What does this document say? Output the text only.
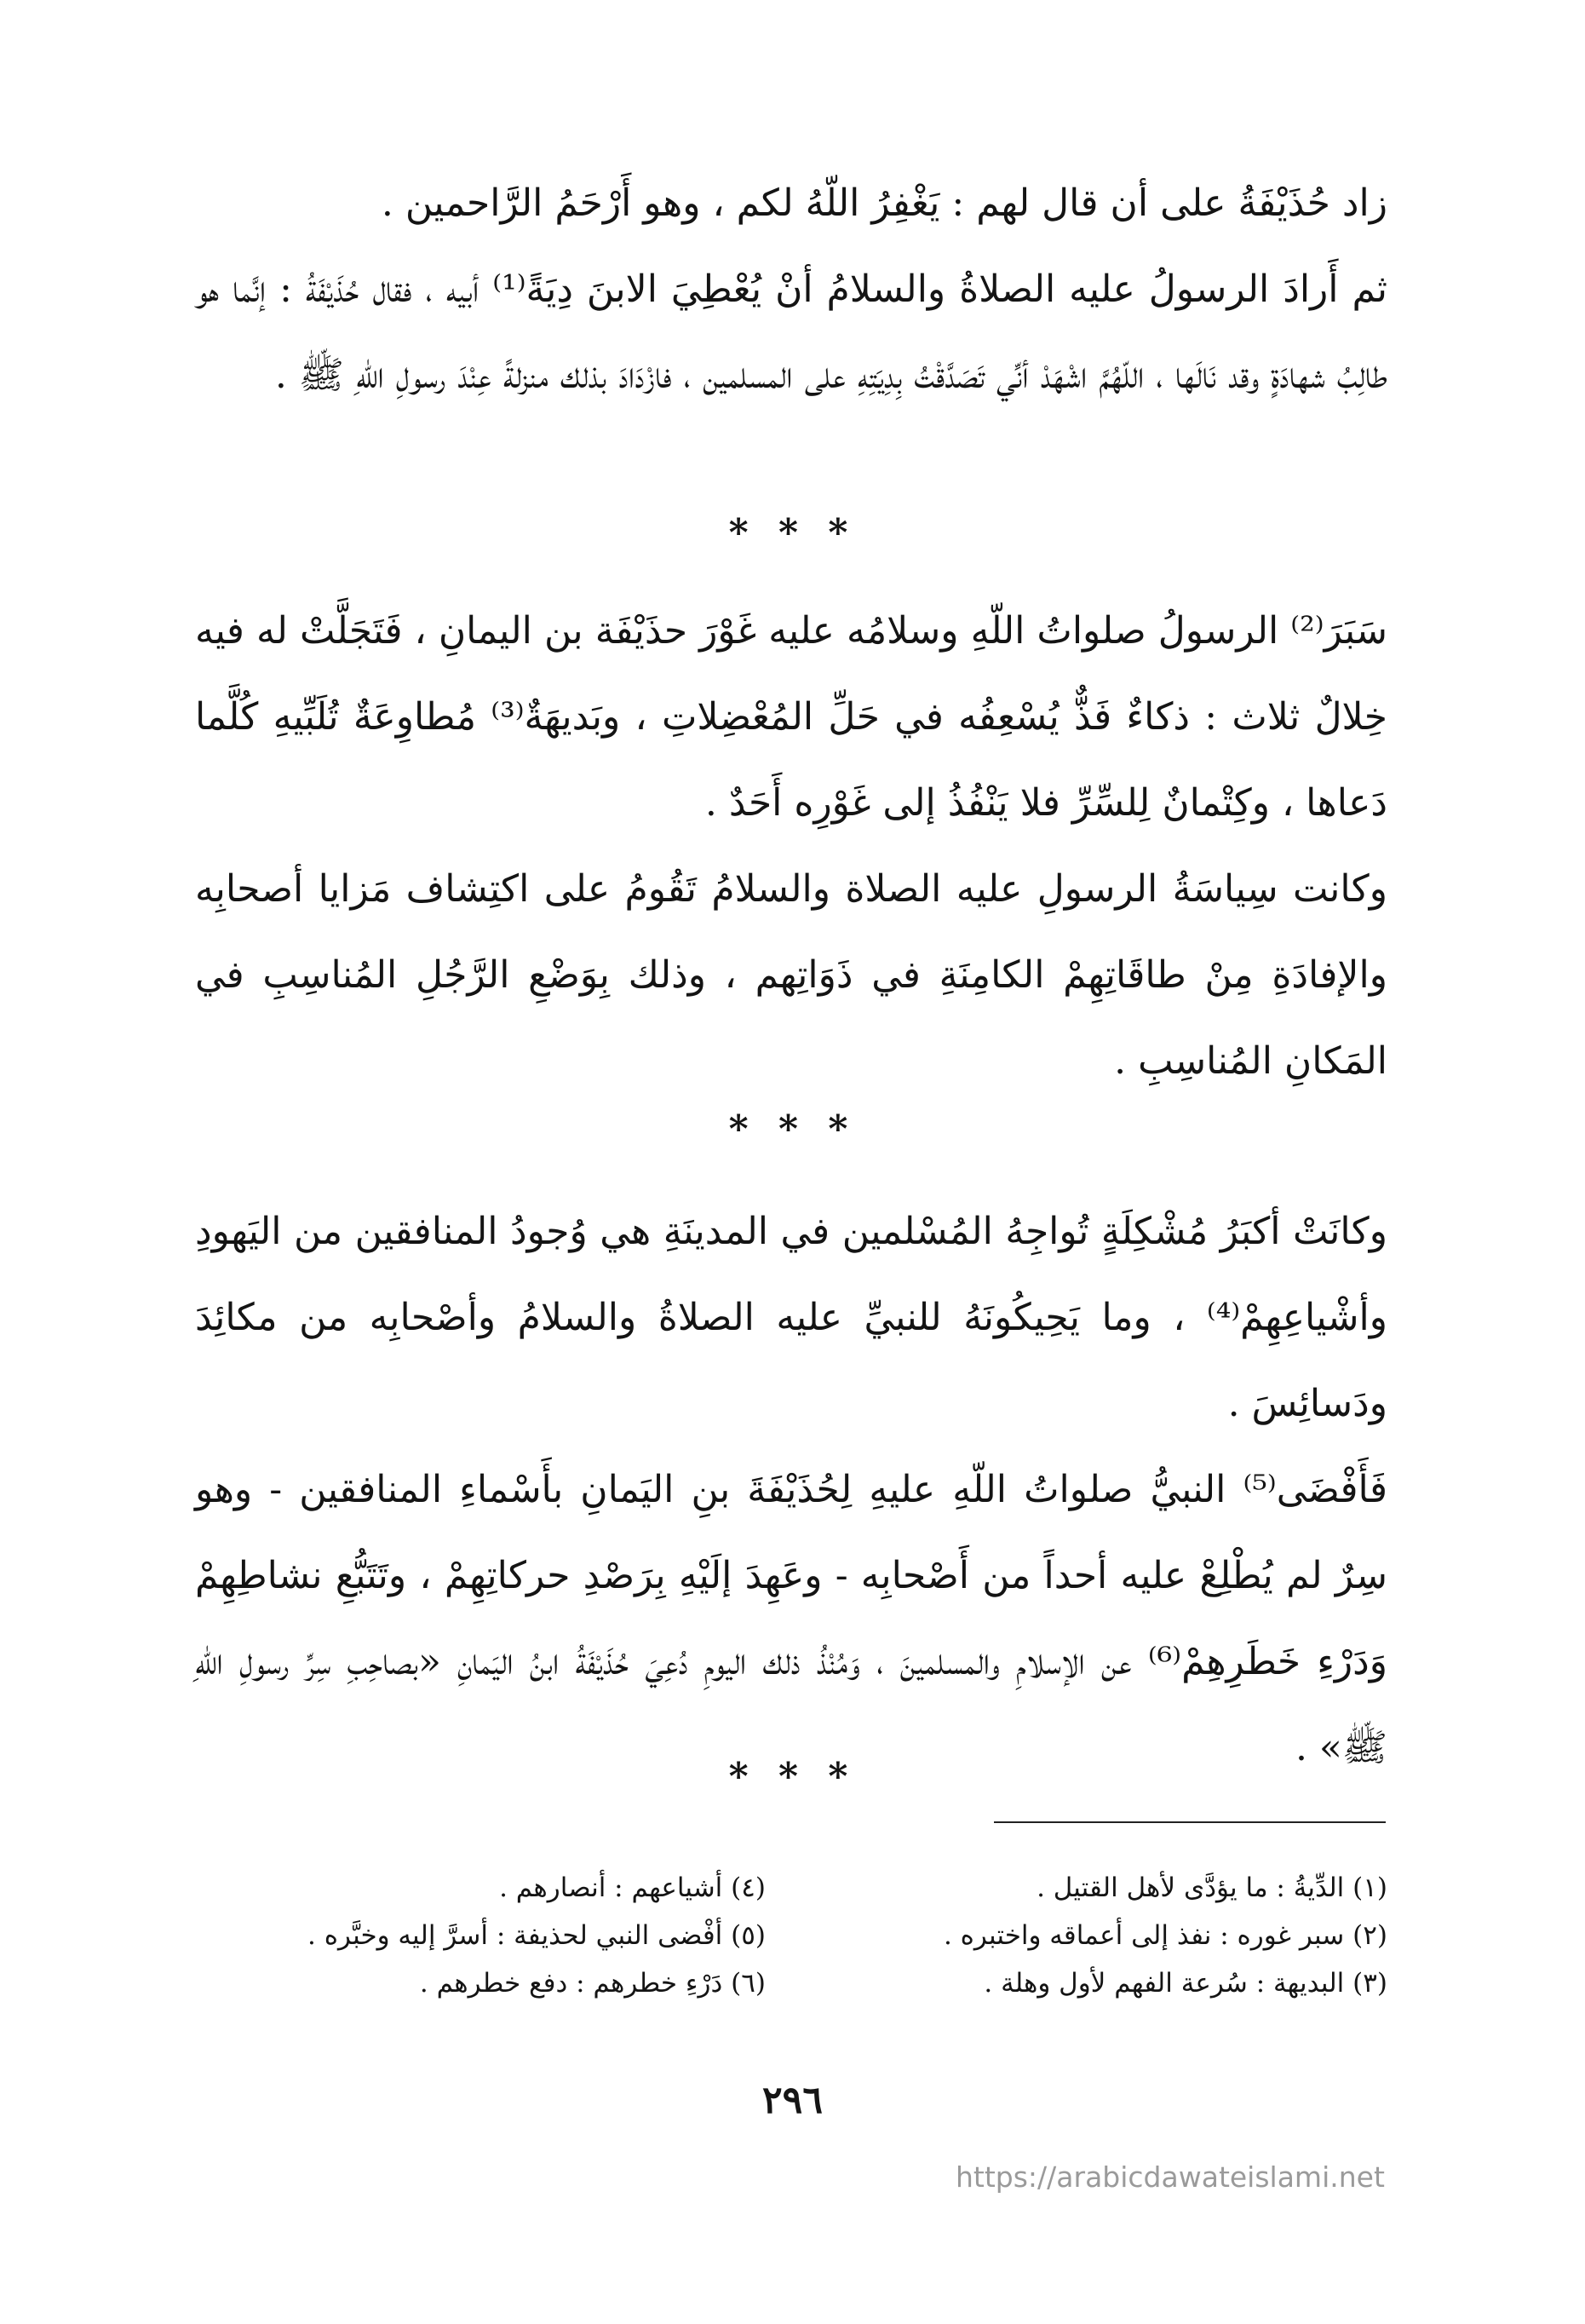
زاد حُذَيْفَةُ على أن قال لهم : يَغْفِرُ اللّهُ لكم ، وهو أَرْحَمُ الرَّاحمين .

ثم أَرادَ الرسولُ عليه الصلاةُ والسلامُ أنْ يُعْطِيَ الابنَ دِيَةً⁽¹⁾ أبيه ، فقال حُذَيْفَةُ : إنَّما هو طالِبُ شهادَةٍ وقد نَالَها ، اللّهُمَّ اشْهَدْ أنِّي تَصَدَّقْتُ بِدِيَتِهِ على المسلمين ، فازْدَادَ بذلك منزلةً عِنْدَ رسولِ اللّهِ ﷺ .

* * *

سَبَرَ⁽²⁾ الرسولُ صلواتُ اللّهِ وسلامُه عليه غَوْرَ حذَيْفَة بن اليمانِ ، فَتَجَلَّتْ له فيه خِلالٌ ثلاث : ذكاءٌ فَذٌّ يُسْعِفُه في حَلِّ المُعْضِلاتِ ، وبَديهَةٌ⁽³⁾ مُطاوِعَةٌ تُلَبِّيهِ كُلَّما دَعاها ، وكِتْمانٌ لِلسِّرِّ فلا يَنْفُذُ إلى غَوْرِه أَحَدٌ .

وكانت سِياسَةُ الرسولِ عليه الصلاة والسلامُ تَقُومُ على اكتِشاف مَزايا أصحابِه والإفادَةِ مِنْ طاقَاتِهِمْ الكامِنَةِ في ذَوَاتِهم ، وذلك بِوَضْعِ الرَّجُلِ المُناسِبِ في المَكانِ المُناسِبِ .

* * *

وكانَتْ أكبَرُ مُشْكِلَةٍ تُواجِهُ المُسْلمين في المدينَةِ هي وُجودُ المنافقين من اليَهودِ وأشْياعِهِمْ⁽⁴⁾ ، وما يَحِيكُونَهُ للنبيِّ عليه الصلاةُ والسلامُ وأصْحابِه من مكائِدَ ودَسائِسَ .

فَأَفْضَى⁽⁵⁾ النبيُّ صلواتُ اللّهِ عليهِ لِحُذَيْفَةَ بنِ اليَمانِ بأَسْماءِ المنافقين - وهو سِرٌ لم يُطْلِعْ عليه أحداً من أَصْحابِه - وعَهِدَ إلَيْهِ بِرَصْدِ حركاتِهِمْ ، وتَتَبُّعِ نشاطِهِمْ وَدَرْءِ خَطَرِهِمْ⁽⁶⁾ عن الإسلامِ والمسلمينَ ، وَمُنْذُ ذلك اليومِ دُعِيَ حُذَيْفَةُ ابنُ اليَمانِ «بصاحِبِ سِرِّ رسولِ اللّهِ ﷺ» .

* * *

(١) الدِّيةُ : ما يؤدَّى لأهل القتيل .

(٢) سبر غوره : نفذ إلى أعماقه واختبره .

(٣) البديهة : سُرعة الفهم لأول وهلة .

(٤) أشياعهم : أنصارهم .

(٥) أفْضى النبي لحذيفة : أسرَّ إليه وخبَّره .

(٦) دَرْءِ خطرهم : دفع خطرهم .

٢٩٦
https://arabicdawateislami.net
